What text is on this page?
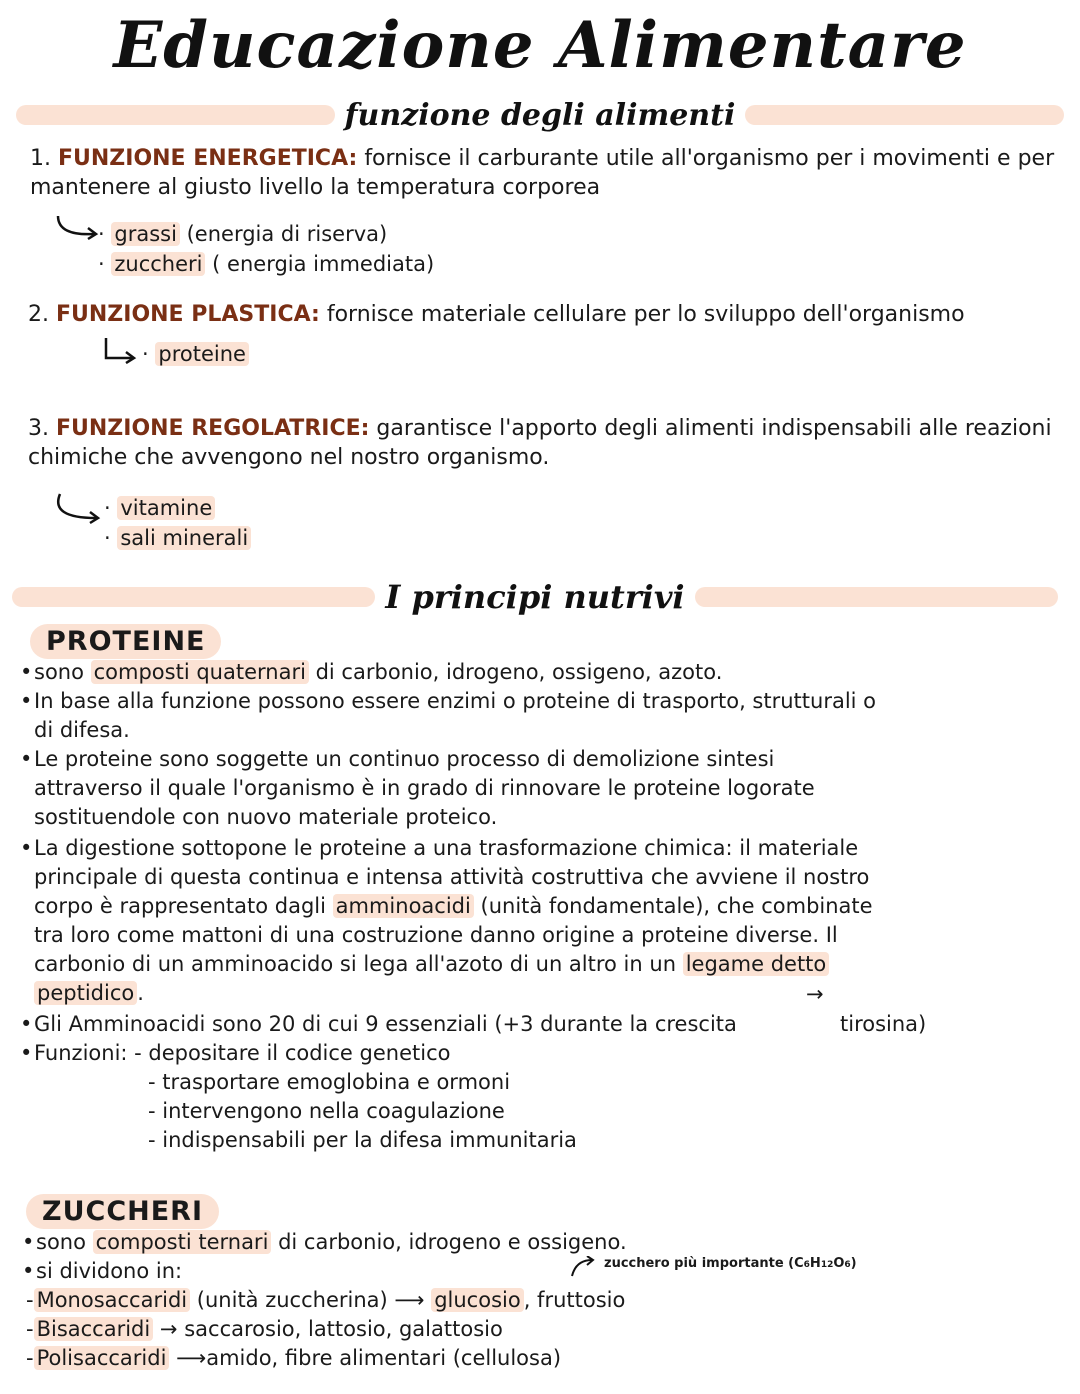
Educazione Alimentare
funzione degli alimenti
1. FUNZIONE ENERGETICA: fornisce il carburante utile all'organismo per i movimenti e per mantenere al giusto livello la temperatura corporea
· grassi (energia di riserva)
· zuccheri ( energia immediata)
2. FUNZIONE PLASTICA: fornisce materiale cellulare per lo sviluppo dell'organismo
· proteine
3. FUNZIONE REGOLATRICE: garantisce l'apporto degli alimenti indispensabili alle reazioni chimiche che avvengono nel nostro organismo.
· vitamine
· sali minerali
I principi nutrivi
PROTEINE
•sono composti quaternari di carbonio, idrogeno, ossigeno, azoto.
•In base alla funzione possono essere enzimi o proteine di trasporto, strutturali o
di difesa.
•Le proteine sono soggette un continuo processo di demolizione sintesi
attraverso il quale l'organismo è in grado di rinnovare le proteine logorate
sostituendole con nuovo materiale proteico.
•La digestione sottopone le proteine a una trasformazione chimica: il materiale
principale di questa continua e intensa attività costruttiva che avviene il nostro
corpo è rappresentato dagli amminoacidi (unità fondamentale), che combinate
tra loro come mattoni di una costruzione danno origine a proteine diverse. Il
carbonio di un amminoacido si lega all'azoto di un altro in un legame detto
peptidico .	→
•Gli Amminoacidi sono 20 di cui 9 essenziali (+3 durante la crescita	tirosina)
•Funzioni: - depositare il codice genetico
- trasportare emoglobina e ormoni
- intervengono nella coagulazione
- indispensabili per la difesa immunitaria
ZUCCHERI
•sono composti ternari di carbonio, idrogeno e ossigeno.
zucchero più importante (C6H12O6)
•si dividono in:
- Monosaccaridi (unità zuccherina) ⟶ glucosio , fruttosio
- Bisaccaridi → saccarosio, lattosio, galattosio
- Polisaccaridi ⟶amido, fibre alimentari (cellulosa)
